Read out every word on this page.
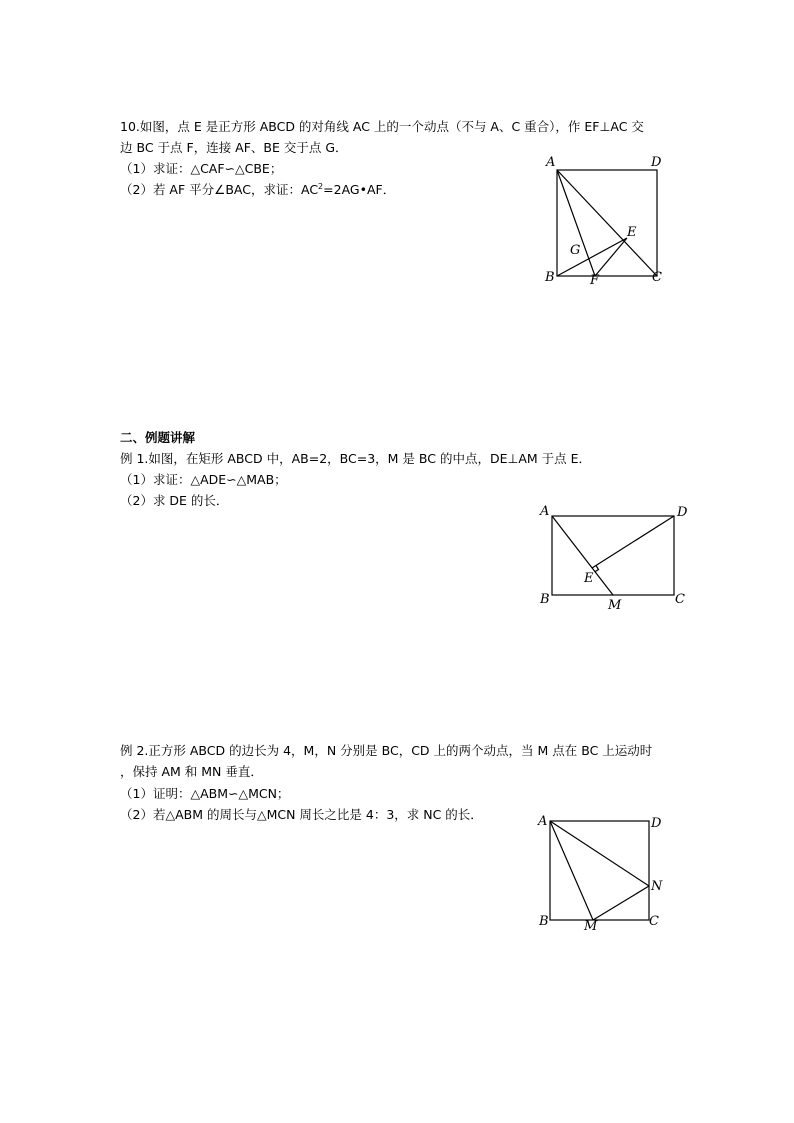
10.如图，点 E 是正方形 ABCD 的对角线 AC 上的一个动点（不与 A、C 重合），作 EF⊥AC 交
边 BC 于点 F，连接 AF、BE 交于点 G．
（1）求证：△CAF∽△CBE；
（2）若 AF 平分∠BAC，求证：$AC^2=2AG•AF$．
A	D
B	F	C
E
G
二、例题讲解
例 1.如图，在矩形 ABCD 中，AB=2，BC=3，M 是 BC 的中点，DE⊥AM 于点 E．
（1）求证：△ADE∽△MAB；
（2）求 DE 的长．
A	D
B	C
M
E
例 2.正方形 ABCD 的边长为 4，M，N 分别是 BC，CD 上的两个动点，当 M 点在 BC 上运动时
，保持 AM 和 MN 垂直．
（1）证明：△ABM∽△MCN；
（2）若△ABM 的周长与△MCN 周长之比是 4：3，求 NC 的长．	A	D
N
B	M	C
